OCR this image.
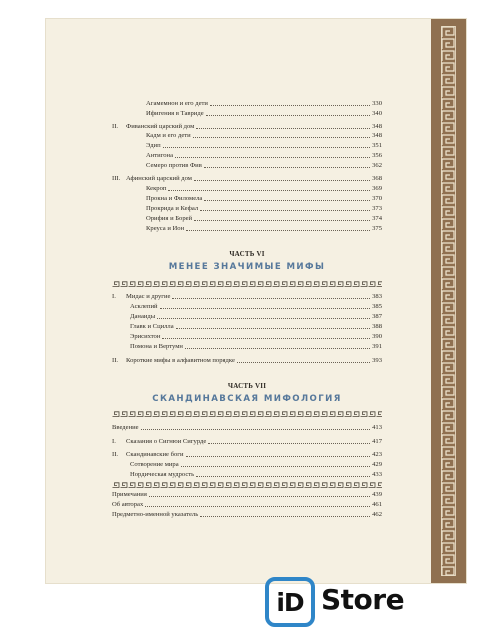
Агамемнон и его дети	330
Ифигения в Тавриде	340
II.	Фиванский царский дом	348
Кадм и его дети	348
Эдип	351
Антигона	356
Семеро против Фив	362
III. Афинский царский дом	368
Кекроп	369
Прокна и Филомела	370
Прокрида и Кефал	373
Орифия и Борей	374
Креуса и Ион	375
ЧАСТЬ VI
МЕНЕЕ ЗНАЧИМЫЕ МИФЫ
I.	Мидас и другие	383
Асклепий	385
Данаиды	387
Главк и Сцилла	388
Эрисихтон	390
Помона и Вертумн	391
II.	Короткие мифы в алфавитном порядке	393
ЧАСТЬ VII
СКАНДИНАВСКАЯ МИФОЛОГИЯ
Введение	413
I.	Сказания о Сигнюи Сигурде	417
II.	Скандинавские боги	423
Сотворение мира	429
Нордическая мудрость	433
Примечания	439
Об авторах	461
Предметно-именной указатель	462
iD Store
